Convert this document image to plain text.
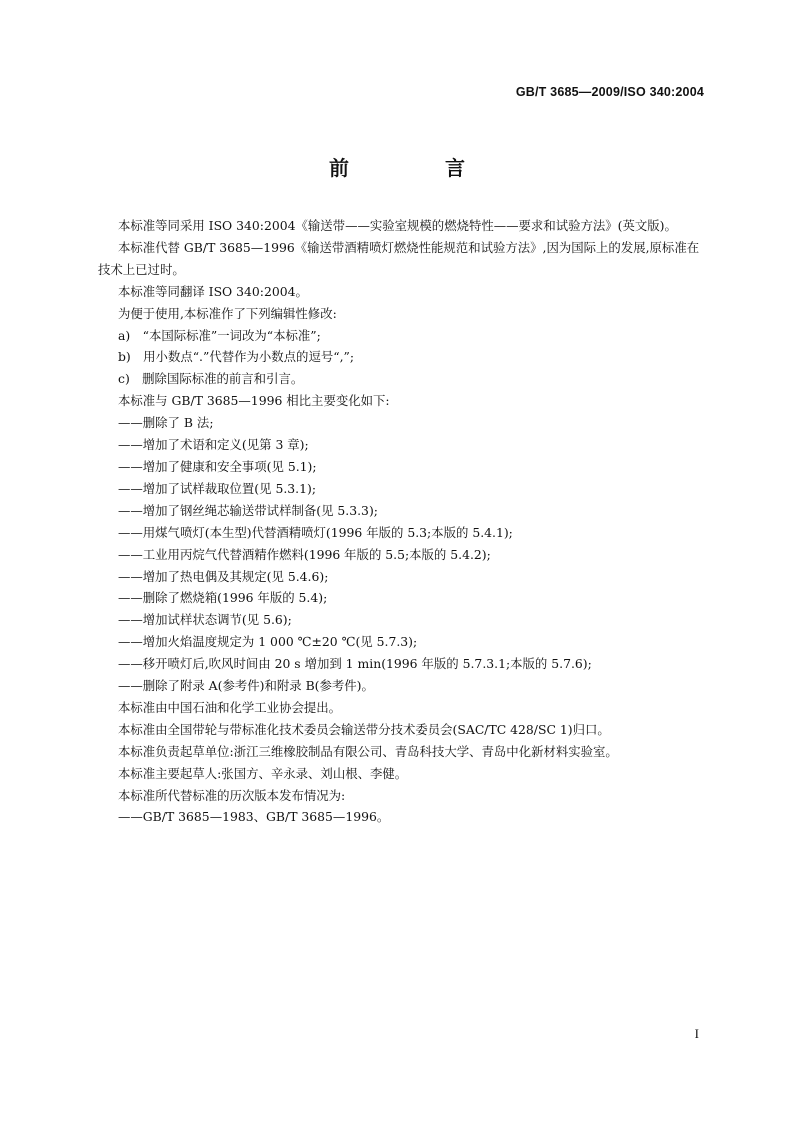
GB/T 3685—2009/ISO 340:2004
前　言

本标准等同采用 ISO 340:2004《输送带——实验室规模的燃烧特性——要求和试验方法》(英文版)。

本标准代替 GB/T 3685—1996《输送带酒精喷灯燃烧性能规范和试验方法》,因为国际上的发展,原标准在技术上已过时。

本标准等同翻译 ISO 340:2004。

为便于使用,本标准作了下列编辑性修改:

a)　“本国际标准”一词改为“本标准”;

b)　用小数点“.”代替作为小数点的逗号“,”;

c)　删除国际标准的前言和引言。

本标准与 GB/T 3685—1996 相比主要变化如下:

——删除了 B 法;

——增加了术语和定义(见第 3 章);

——增加了健康和安全事项(见 5.1);

——增加了试样裁取位置(见 5.3.1);

——增加了钢丝绳芯输送带试样制备(见 5.3.3);

——用煤气喷灯(本生型)代替酒精喷灯(1996 年版的 5.3;本版的 5.4.1);

——工业用丙烷气代替酒精作燃料(1996 年版的 5.5;本版的 5.4.2);

——增加了热电偶及其规定(见 5.4.6);

——删除了燃烧箱(1996 年版的 5.4);

——增加试样状态调节(见 5.6);

——增加火焰温度规定为 1 000 ℃±20 ℃(见 5.7.3);

——移开喷灯后,吹风时间由 20 s 增加到 1 min(1996 年版的 5.7.3.1;本版的 5.7.6);

——删除了附录 A(参考件)和附录 B(参考件)。

本标准由中国石油和化学工业协会提出。

本标准由全国带轮与带标准化技术委员会输送带分技术委员会(SAC/TC 428/SC 1)归口。

本标准负责起草单位:浙江三维橡胶制品有限公司、青岛科技大学、青岛中化新材料实验室。

本标准主要起草人:张国方、辛永录、刘山根、李健。

本标准所代替标准的历次版本发布情况为:

——GB/T 3685—1983、GB/T 3685—1996。

I
